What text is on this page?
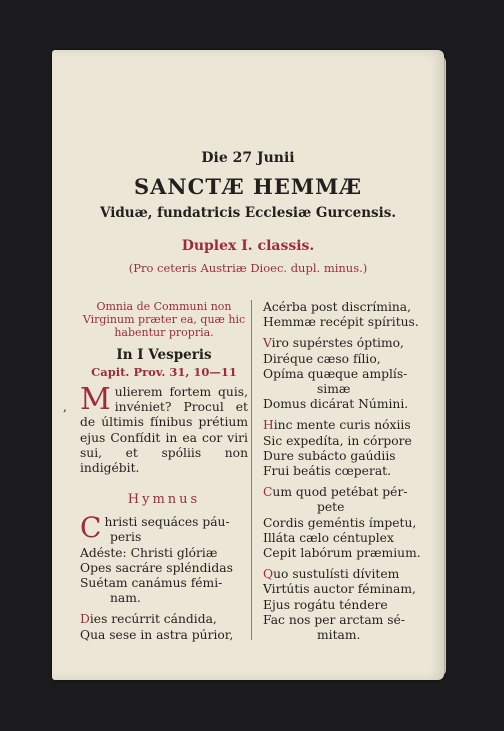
Die 27 Junii
SANCTÆ HEMMÆ
Viduæ, fundatricis Ecclesiæ Gurcensis.
Duplex I. classis.
(Pro ceteris Austriæ Dioec. dupl. minus.)
,

Omnia de Communi non Virginum præter ea, quæ hic habentur propria.

In I Vesperis
Capit. Prov. 31, 10—11

Mulierem fortem quis, invéniet? Procul et de últimis fínibus prétium ejus Confídit in ea cor viri sui, et spóliis non indigébit.

Hymnus
C hristi sequáces páu-
peris
Adéste: Christi glóriæ
Opes sacráre spléndidas
Suétam canámus fémi-
nam.
Dies recúrrit cándida,
Qua sese in astra púrior,
Acérba post discrímina,
Hemmæ recépit spíritus.
Viro supérstes óptimo,
Diréque cæso fílio,
Opíma quæque amplís-
simæ
Domus dicárat Númini.
Hinc mente curis nóxiis
Sic expedíta, in córpore
Dure subácto gaúdiis
Frui beátis cœperat.
Cum quod petébat pér-
pete
Cordis geméntis ímpetu,
Illáta cælo céntuplex
Cepit labórum præmium.
Quo sustulísti dívitem
Virtútis auctor féminam,
Ejus rogátu téndere
Fac nos per arctam sé-
mitam.
